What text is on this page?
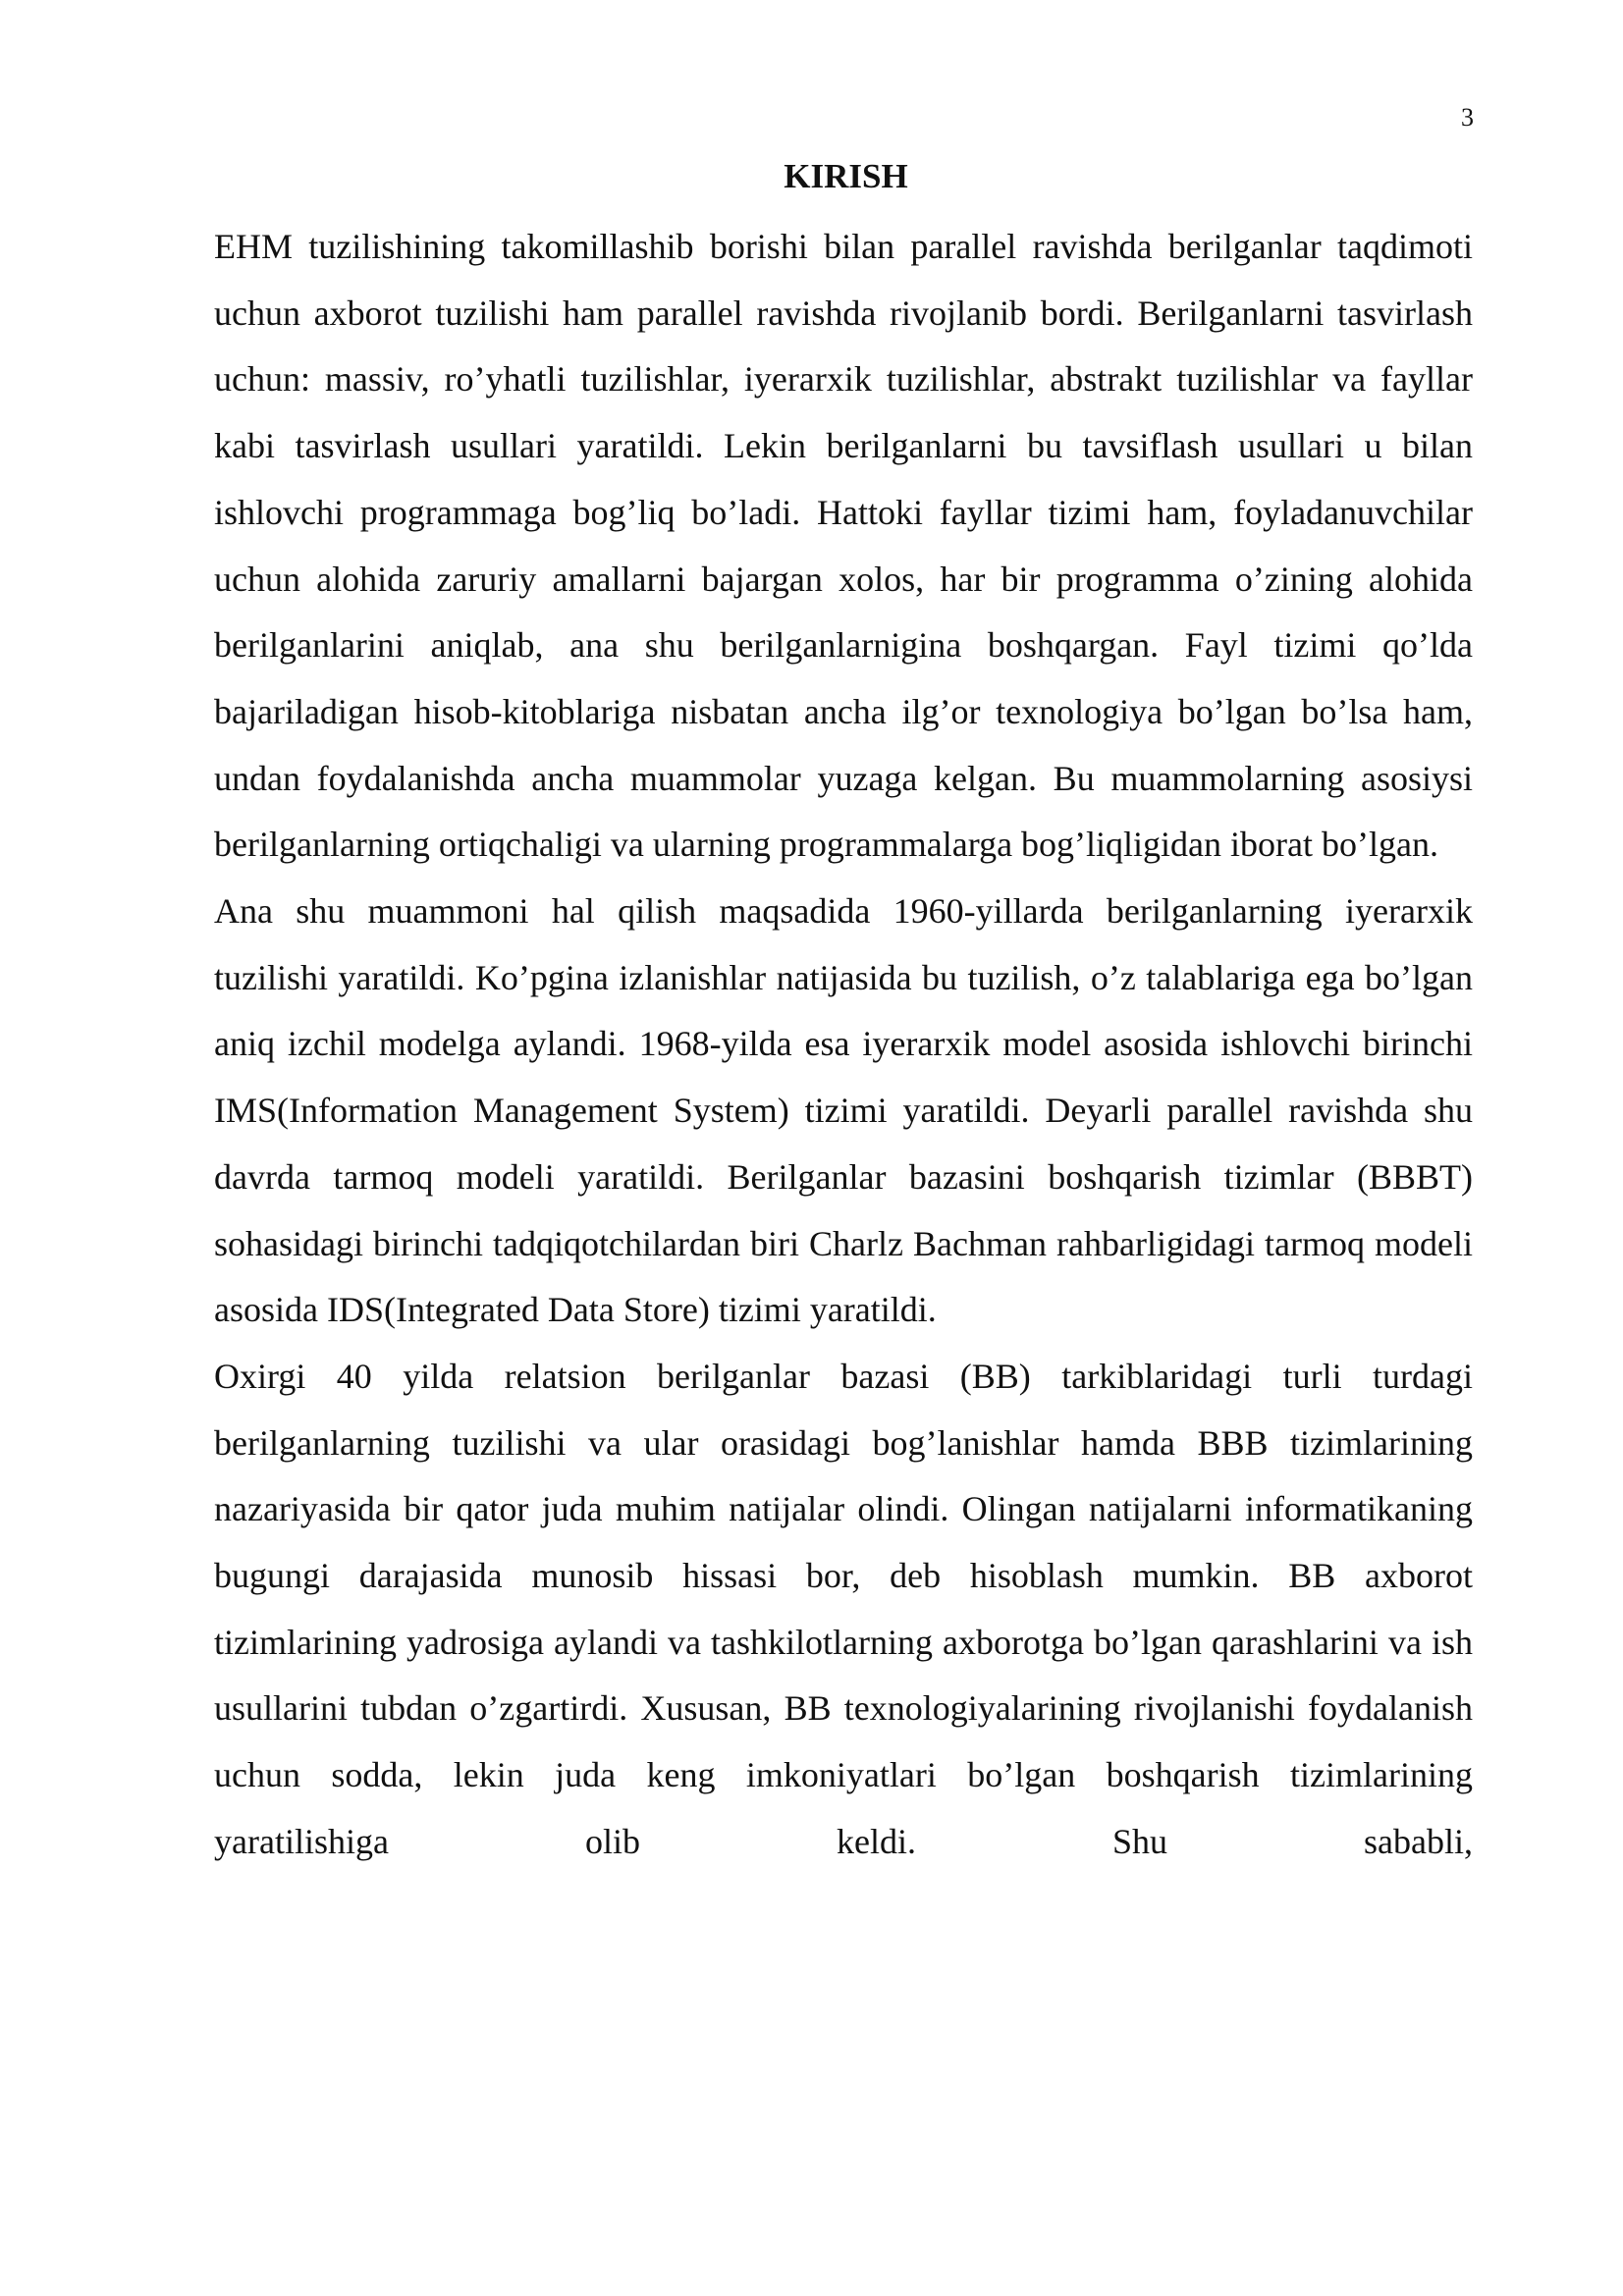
3
KIRISH

EHM tuzilishining takomillashib borishi bilan parallel ravishda berilganlar taqdimoti uchun axborot tuzilishi ham parallel ravishda rivojlanib bordi. Berilganlarni tasvirlash uchun: massiv, ro’yhatli tuzilishlar, iyerarxik tuzilishlar, abstrakt tuzilishlar va fayllar kabi tasvirlash usullari yaratildi. Lekin berilganlarni bu tavsiflash usullari u bilan ishlovchi programmaga bog’liq bo’ladi. Hattoki fayllar tizimi ham, foyladanuvchilar uchun alohida zaruriy amallarni bajargan xolos, har bir programma o’zining alohida berilganlarini aniqlab, ana shu berilganlarnigina boshqargan. Fayl tizimi qo’lda bajariladigan hisob-kitoblariga nisbatan ancha ilg’or texnologiya bo’lgan bo’lsa ham, undan foydalanishda ancha muammolar yuzaga kelgan. Bu muammolarning asosiysi berilganlarning ortiqchaligi va ularning programmalarga bog’liqligidan iborat bo’lgan.

Ana shu muammoni hal qilish maqsadida 1960-yillarda berilganlarning iyerarxik tuzilishi yaratildi. Ko’pgina izlanishlar natijasida bu tuzilish, o’z talablariga ega bo’lgan aniq izchil modelga aylandi. 1968-yilda esa iyerarxik model asosida ishlovchi birinchi IMS(Information Management System) tizimi yaratildi. Deyarli parallel ravishda shu davrda tarmoq modeli yaratildi. Berilganlar bazasini boshqarish tizimlar (BBBT) sohasidagi birinchi tadqiqotchilardan biri Charlz Bachman rahbarligidagi tarmoq modeli asosida IDS(Integrated Data Store) tizimi yaratildi.

Oxirgi 40 yilda relatsion berilganlar bazasi (BB) tarkiblaridagi turli turdagi berilganlarning tuzilishi va ular orasidagi bog’lanishlar hamda BBB tizimlarining nazariyasida bir qator juda muhim natijalar olindi. Olingan natijalarni informatikaning bugungi darajasida munosib hissasi bor, deb hisoblash mumkin. BB axborot tizimlarining yadrosiga aylandi va tashkilotlarning axborotga bo’lgan qarashlarini va ish usullarini tubdan o’zgartirdi. Xususan, BB texnologiyalarining rivojlanishi foydalanish uchun sodda, lekin juda keng imkoniyatlari bo’lgan boshqarish tizimlarining yaratilishiga olib keldi. Shu sababli,
